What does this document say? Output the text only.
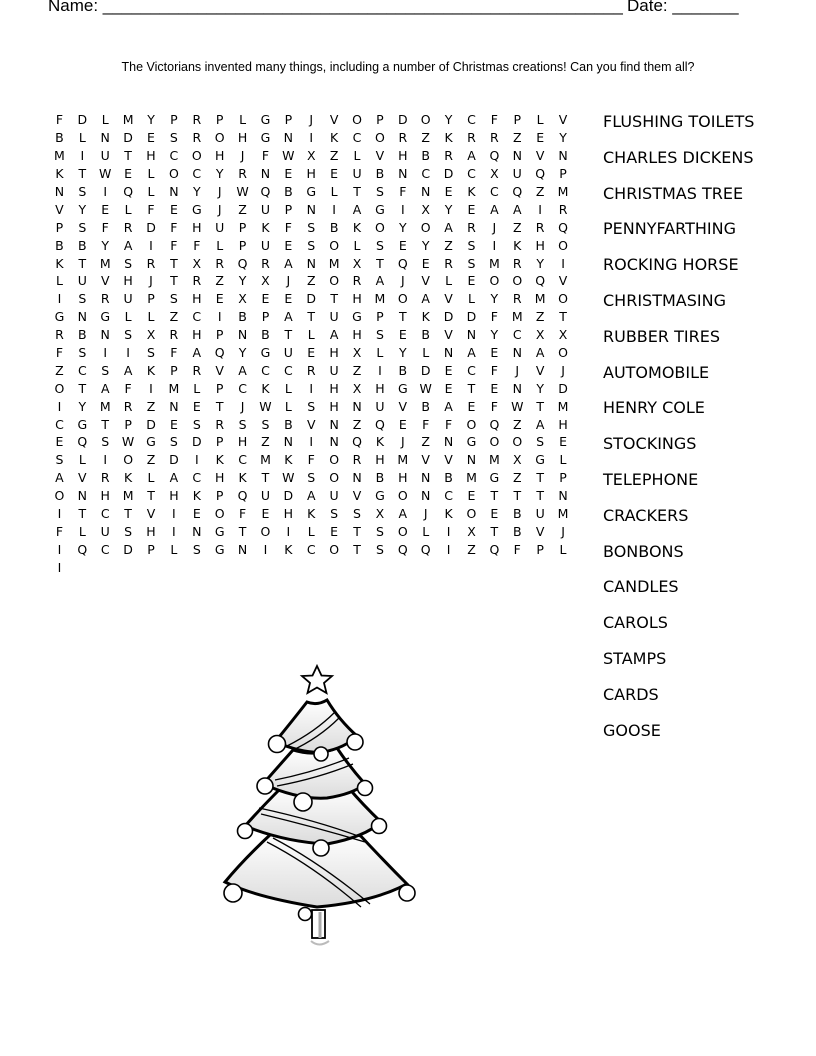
Name: _______________________________________________________ Date: _______
The Victorians invented many things, including a number of Christmas creations! Can you find them all?
F	D	L	M	Y	P	R	P	L	G	P	J	V	O	P	D	O	Y	C	F	P	L	V
B	L	N	D	E	S	R	O	H	G	N	I	K	C	O	R	Z	K	R	R	Z	E	Y
M	I	U	T	H	C	O	H	J	F	W X	Z	L	V	H	B	R	A	Q	N	V	N
K	T	W	E	L	O	C	Y	R	N	E	H	E	U	B	N	C	D	C	X	U	Q	P
N	S	I	Q	L	N	Y	J	W Q	B	G	L	T	S	F	N	E	K	C	Q	Z	M
V	Y	E	L	F	E	G	J	Z	U	P	N	I	A	G	I	X	Y	E	A	A	I	R
P	S	F	R	D	F	H	U	P	K	F	S	B	K	O	Y	O	A	R	J	Z	R	Q
B	B	Y	A	I	F	F	L	P	U	E	S	O	L	S	E	Y	Z	S	I	K	H	O
K	T	M	S	R	T	X	R	Q	R	A	N	M	X	T	Q	E	R	S	M	R	Y	I
L	U	V	H	J	T	R	Z	Y	X	J	Z	O	R	A	J	V	L	E	O	O	Q	V
I	S	R	U	P	S	H	E	X	E	E	D	T	H	M	O	A	V	L	Y	R	M	O
G	N	G	L	L	Z	C	I	B	P	A	T	U	G	P	T	K	D	D	F	M	Z	T
R	B	N	S	X	R	H	P	N	B	T	L	A	H	S	E	B	V	N	Y	C	X	X
F	S	I	I	S	F	A	Q	Y	G	U	E	H	X	L	Y	L	N	A	E	N	A	O
Z	C	S	A	K	P	R	V	A	C	C	R	U	Z	I	B	D	E	C	F	J	V	J
O	T	A	F	I	M	L	P	C	K	L	I	H	X	H	G W	E	T	E	N	Y	D
I	Y	M	R	Z	N	E	T	J	W	L	S	H	N	U	V	B	A	E	F	W	T	M
C	G	T	P	D	E	S	R	S	S	B	V	N	Z	Q	E	F	F	O	Q	Z	A	H
E	Q	S	W G	S	D	P	H	Z	N	I	N	Q	K	J	Z	N	G	O	O	S	E
S	L	I	O	Z	D	I	K	C	M	K	F	O	R	H	M	V	V	N	M	X	G	L
A	V	R	K	L	A	C	H	K	T	W	S	O	N	B	H	N	B	M	G	Z	T	P
O	N	H	M	T	H	K	P	Q	U	D	A	U	V	G	O	N	C	E	T	T	T	N
I	T	C	T	V	I	E	O	F	E	H	K	S	S	X	A	J	K	O	E	B	U	M
F	L	U	S	H	I	N	G	T	O	I	L	E	T	S	O	L	I	X	T	B	V	J
I	Q	C	D	P	L	S	G	N	I	K	C	O	T	S	Q	Q	I	Z	Q	F	P	L
I
FLUSHING TOILETS
CHARLES DICKENS
CHRISTMAS TREE
PENNYFARTHING
ROCKING HORSE
CHRISTMASING
RUBBER TIRES
AUTOMOBILE
HENRY COLE
STOCKINGS
TELEPHONE
CRACKERS
BONBONS
CANDLES
CAROLS
STAMPS
CARDS
GOOSE
